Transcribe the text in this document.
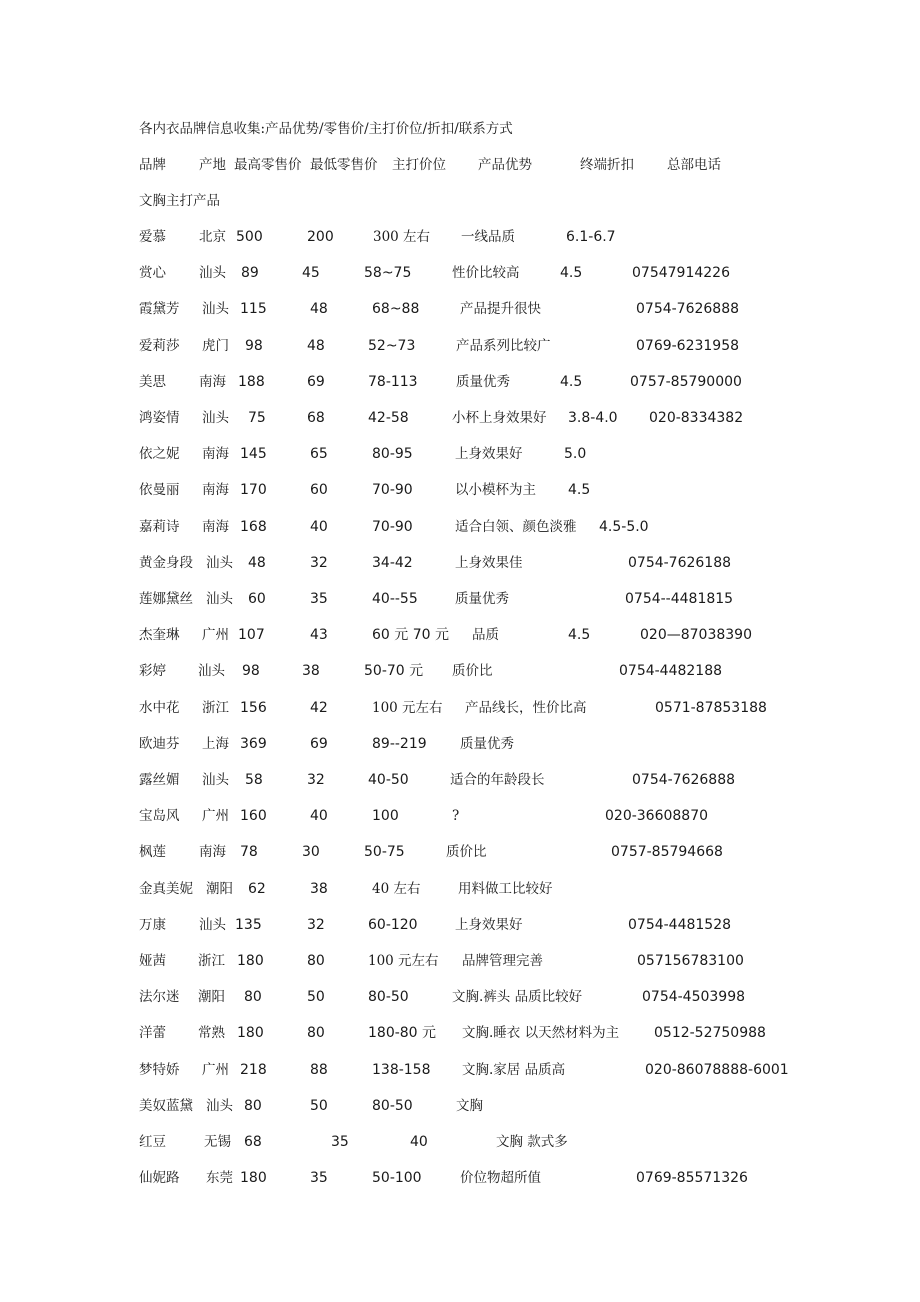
各内衣品牌信息收集:产品优势/零售价/主打价位/折扣/联系方式
品牌 产地 最高零售价 最低零售价 主打价位 产品优势	终端折扣 总部电话
文胸主打产品
爱慕 北京 500	200	300 左右 一线品质	6.1-6.7
赏心 汕头 89	45	58~75	性价比较高	4.5	07547914226
霞黛芳 汕头 115	48	68~88	产品提升很快	0754-7626888
爱莉莎 虎门 98	48	52~73	产品系列比较广	0769-6231958
美思 南海 188	69	78-113	质量优秀	4.5	0757-85790000
鸿姿情 汕头 75	68	42-58	小杯上身效果好 3.8-4.0 020-8334382
依之妮 南海 145	65	80-95	上身效果好	5.0
依曼丽 南海 170	60	70-90	以小模杯为主 4.5
嘉莉诗 南海 168	40	70-90	适合白领、颜色淡雅 4.5-5.0
黄金身段 汕头 48	32	34-42	上身效果佳	0754-7626188
莲娜黛丝 汕头 60	35	40--55	质量优秀	0754--4481815
杰奎琳 广州 107	43	60 元 70 元 品质	4.5	020—87038390
彩婷 汕头 98	38	50-70 元 质价比	0754-4482188
水中花 浙江 156	42	100 元左右 产品线长，性价比高	0571-87853188
欧迪芬 上海 369	69	89--219 质量优秀
露丝媚 汕头 58	32	40-50	适合的年龄段长	0754-7626888
宝岛风 广州 160	40	100	?	020-36608870
枫莲 南海 78	30	50-75	质价比	0757-85794668
金真美妮 潮阳 62	38	40 左右	用料做工比较好
万康 汕头 135	32	60-120	上身效果好	0754-4481528
娅茜 浙江 180	80	100 元左右 品牌管理完善	057156783100
法尔迷 潮阳 80	50	80-50	文胸.裤头 品质比较好	0754-4503998
洋蕾 常熟 180	80	180-80 元 文胸.睡衣 以天然材料为主 0512-52750988
梦特娇 广州 218	88	138-158 文胸.家居 品质高	020-86078888-6001
美奴蓝黛 汕头 80	50	80-50	文胸
红豆	无锡 68	35	40	文胸 款式多
仙妮路 东莞 180	35	50-100	价位物超所值	0769-85571326
